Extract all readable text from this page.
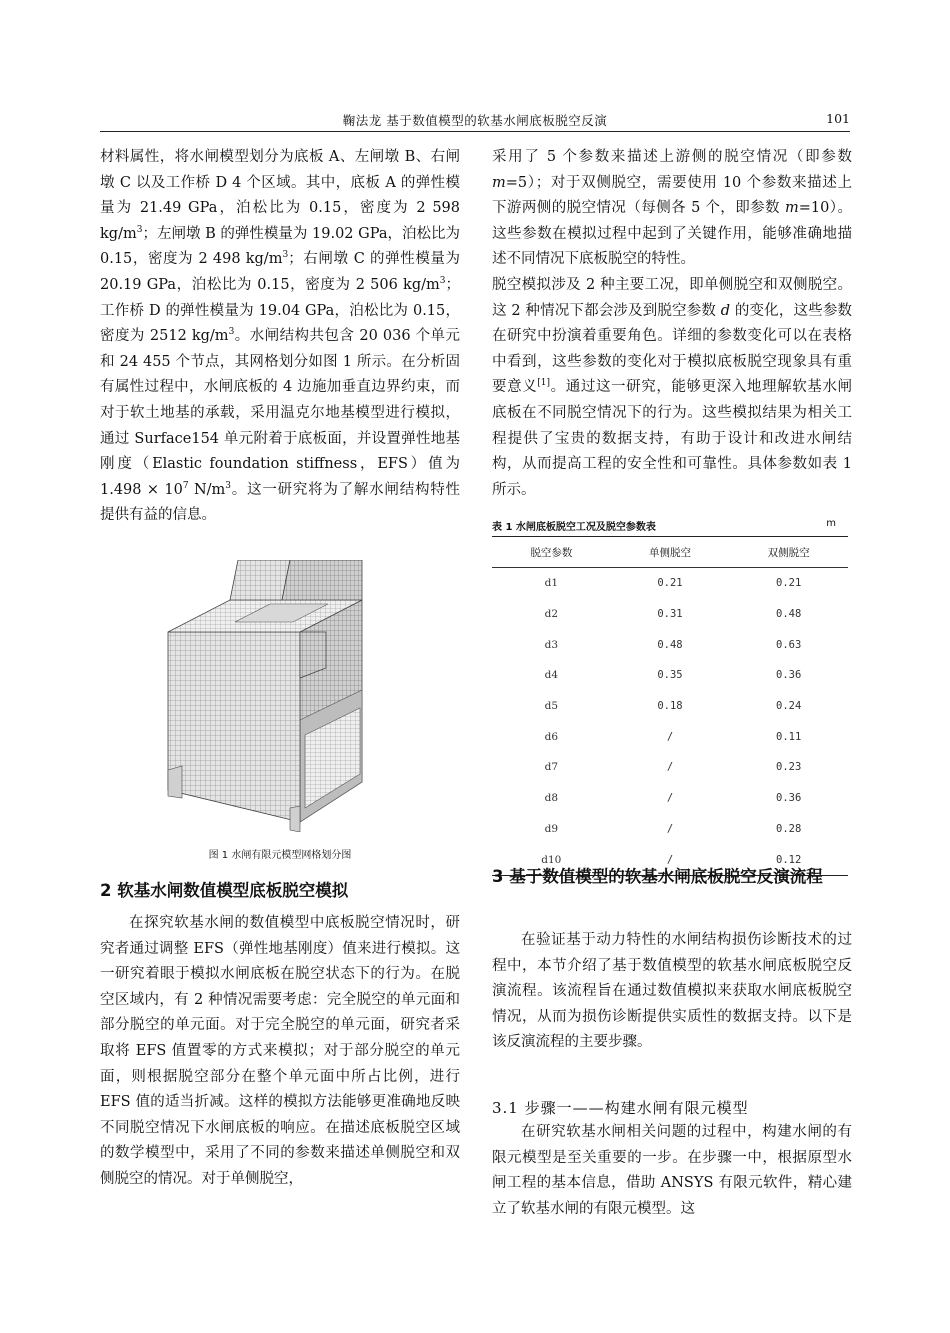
鞠法龙 基于数值模型的软基水闸底板脱空反演	101

材料属性，将水闸模型划分为底板 A、左闸墩 B、右闸墩 C 以及工作桥 D 4 个区域。其中，底板 A 的弹性模量为 21.49 GPa，泊松比为 0.15，密度为 2 598 $kg/m^3$；左闸墩 B 的弹性模量为 19.02 GPa，泊松比为 0.15，密度为 2 498 $kg/m^3$；右闸墩 C 的弹性模量为 20.19 GPa，泊松比为 0.15，密度为 2 506 $kg/m^3$；工作桥 D 的弹性模量为 19.04 GPa，泊松比为 0.15，密度为 2512 $kg/m^3$。水闸结构共包含 20 036 个单元和 24 455 个节点，其网格划分如图 1 所示。在分析固有属性过程中，水闸底板的 4 边施加垂直边界约束，而对于软土地基的承载，采用温克尔地基模型进行模拟，通过 Surface154 单元附着于底板面，并设置弹性地基刚度（Elastic foundation stiffness，EFS）值为 $1.498 \times 10^7$ $N/m^3$。这一研究将为了解水闸结构特性提供有益的信息。

图 1 水闸有限元模型网格划分图
2 软基水闸数值模型底板脱空模拟

在探究软基水闸的数值模型中底板脱空情况时，研究者通过调整 EFS（弹性地基刚度）值来进行模拟。这一研究着眼于模拟水闸底板在脱空状态下的行为。在脱空区域内，有 2 种情况需要考虑：完全脱空的单元面和部分脱空的单元面。对于完全脱空的单元面，研究者采取将 EFS 值置零的方式来模拟；对于部分脱空的单元面，则根据脱空部分在整个单元面中所占比例，进行 EFS 值的适当折减。这样的模拟方法能够更准确地反映不同脱空情况下水闸底板的响应。在描述底板脱空区域的数学模型中，采用了不同的参数来描述单侧脱空和双侧脱空的情况。对于单侧脱空，

采用了 5 个参数来描述上游侧的脱空情况（即参数 m=5）；对于双侧脱空，需要使用 10 个参数来描述上下游两侧的脱空情况（每侧各 5 个，即参数 m=10）。这些参数在模拟过程中起到了关键作用，能够准确地描述不同情况下底板脱空的特性。

脱空模拟涉及 2 种主要工况，即单侧脱空和双侧脱空。这 2 种情况下都会涉及到脱空参数 d 的变化，这些参数在研究中扮演着重要角色。详细的参数变化可以在表格中看到，这些参数的变化对于模拟底板脱空现象具有重要意义[1]。通过这一研究，能够更深入地理解软基水闸底板在不同脱空情况下的行为。这些模拟结果为相关工程提供了宝贵的数据支持，有助于设计和改进水闸结构，从而提高工程的安全性和可靠性。具体参数如表 1 所示。

表 1 水闸底板脱空工况及脱空参数表	m
脱空参数	单侧脱空	双侧脱空
d1	0.21	0.21
d2	0.31	0.48
d3	0.48	0.63
d4	0.35	0.36
d5	0.18	0.24
d6	/	0.11
d7	/	0.23
d8	/	0.36
d9	/	0.28
d10	/	0.12
3 基于数值模型的软基水闸底板脱空反演流程

在验证基于动力特性的水闸结构损伤诊断技术的过程中，本节介绍了基于数值模型的软基水闸底板脱空反演流程。该流程旨在通过数值模拟来获取水闸底板脱空情况，从而为损伤诊断提供实质性的数据支持。以下是该反演流程的主要步骤。

3.1 步骤一——构建水闸有限元模型

在研究软基水闸相关问题的过程中，构建水闸的有限元模型是至关重要的一步。在步骤一中，根据原型水闸工程的基本信息，借助 ANSYS 有限元软件，精心建立了软基水闸的有限元模型。这
